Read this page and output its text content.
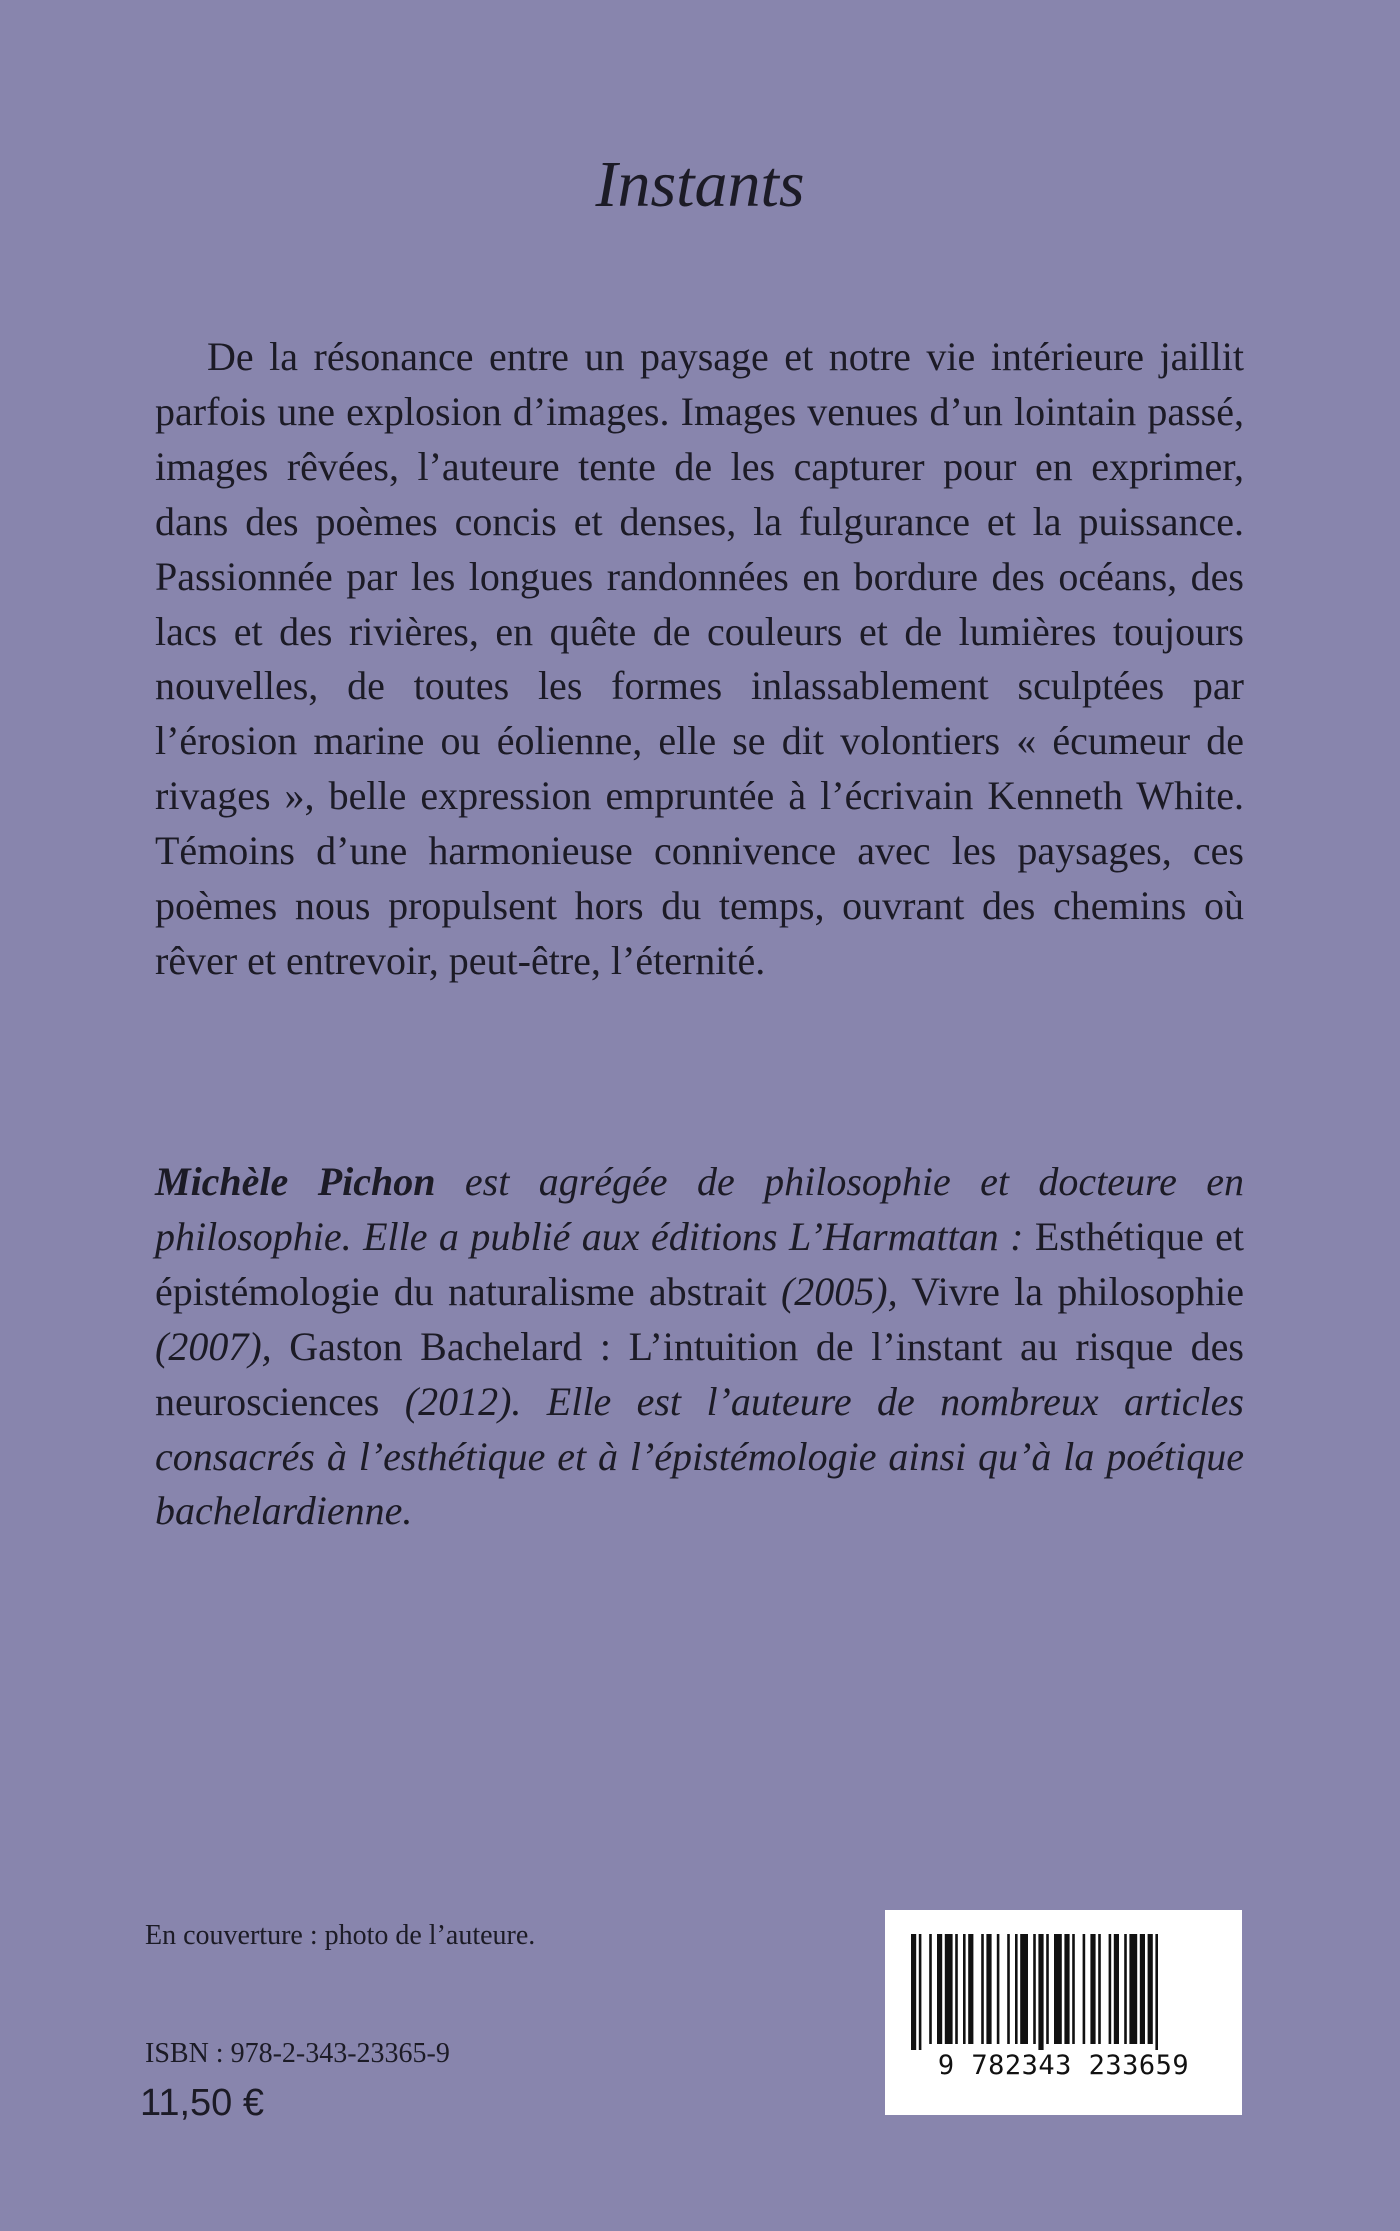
Instants

De la résonance entre un paysage et notre vie intérieure jaillit parfois une explosion d’images. Images venues d’un lointain passé, images rêvées, l’auteure tente de les capturer pour en exprimer, dans des poèmes concis et denses, la fulgurance et la puissance. Passionnée par les longues randonnées en bordure des océans, des lacs et des rivières, en quête de couleurs et de lumières toujours nouvelles, de toutes les formes inlassablement sculptées par l’érosion marine ou éolienne, elle se dit volontiers « écumeur de rivages », belle expression empruntée à l’écrivain Kenneth White. Témoins d’une harmonieuse connivence avec les paysages, ces poèmes nous propulsent hors du temps, ouvrant des chemins où rêver et entrevoir, peut-être, l’éternité.

Michèle Pichon est agrégée de philosophie et docteure en philosophie. Elle a publié aux éditions L’Harmattan : Esthétique et épistémologie du naturalisme abstrait (2005), Vivre la philosophie (2007), Gaston Bachelard : L’intuition de l’instant au risque des neurosciences (2012). Elle est l’auteure de nombreux articles consacrés à l’esthétique et à l’épistémologie ainsi qu’à la poétique bachelardienne.

En couverture : photo de l’auteure.
ISBN : 978-2-343-23365-9
11,50 €
9 782343 233659
